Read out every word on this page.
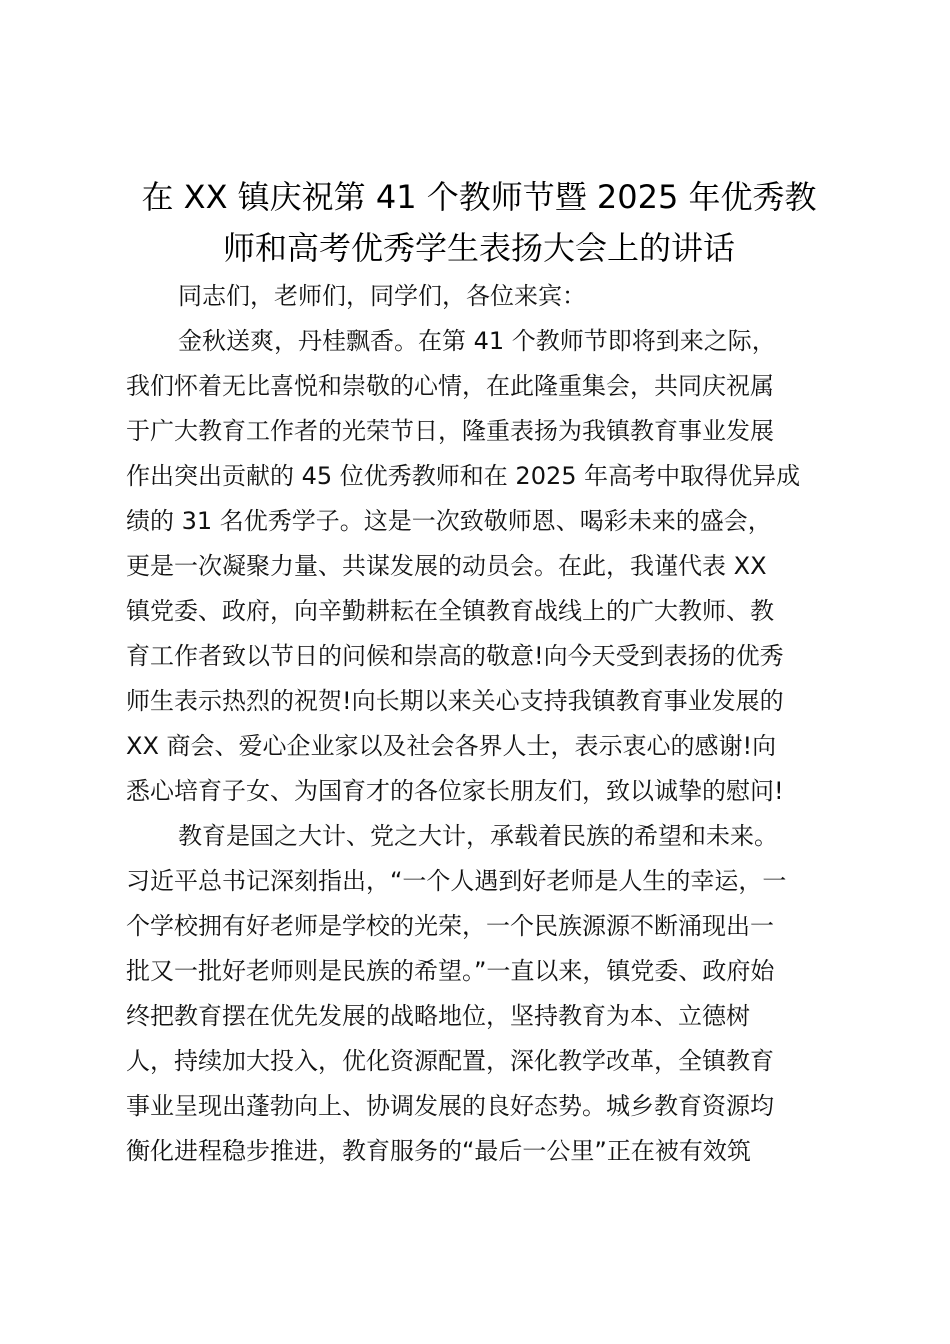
在 XX 镇庆祝第 41 个教师节暨 2025 年优秀教
师和高考优秀学生表扬大会上的讲话

同志们，老师们，同学们，各位来宾：

金秋送爽，丹桂飘香。在第 41 个教师节即将到来之际，
我们怀着无比喜悦和崇敬的心情，在此隆重集会，共同庆祝属
于广大教育工作者的光荣节日，隆重表扬为我镇教育事业发展
作出突出贡献的 45 位优秀教师和在 2025 年高考中取得优异成
绩的 31 名优秀学子。这是一次致敬师恩、喝彩未来的盛会，
更是一次凝聚力量、共谋发展的动员会。在此，我谨代表 XX
镇党委、政府，向辛勤耕耘在全镇教育战线上的广大教师、教
育工作者致以节日的问候和崇高的敬意!向今天受到表扬的优秀
师生表示热烈的祝贺!向长期以来关心支持我镇教育事业发展的
XX 商会、爱心企业家以及社会各界人士，表示衷心的感谢!向
悉心培育子女、为国育才的各位家长朋友们，致以诚挚的慰问!

教育是国之大计、党之大计，承载着民族的希望和未来。
习近平总书记深刻指出，“一个人遇到好老师是人生的幸运，一
个学校拥有好老师是学校的光荣，一个民族源源不断涌现出一
批又一批好老师则是民族的希望。”一直以来，镇党委、政府始
终把教育摆在优先发展的战略地位，坚持教育为本、立德树
人，持续加大投入，优化资源配置，深化教学改革，全镇教育
事业呈现出蓬勃向上、协调发展的良好态势。城乡教育资源均
衡化进程稳步推进，教育服务的“最后一公里”正在被有效筑
